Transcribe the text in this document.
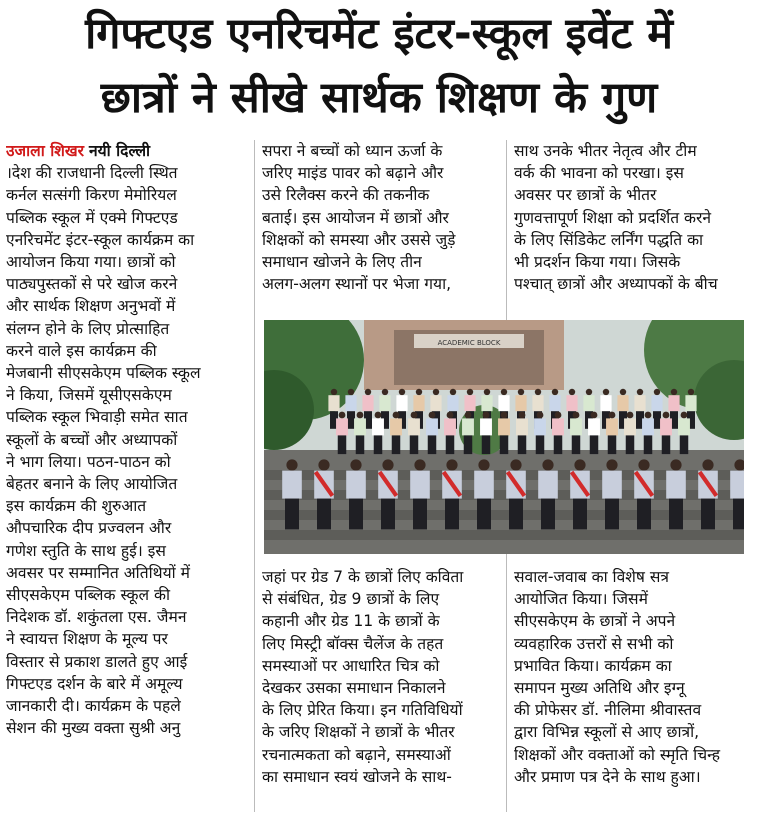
गिफ्टएड एनरिचमेंट इंटर-स्कूल इवेंट में
छात्रों ने सीखे सार्थक शिक्षण के गुण
उजाला शिखर नयी दिल्ली
।देश की राजधानी दिल्ली स्थित
कर्नल सत्संगी किरण मेमोरियल
पब्लिक स्कूल में एक्मे गिफ्टएड
एनरिचमेंट इंटर-स्कूल कार्यक्रम का
आयोजन किया गया। छात्रों को
पाठ्यपुस्तकों से परे खोज करने
और सार्थक शिक्षण अनुभवों में
संलग्न होने के लिए प्रोत्साहित
करने वाले इस कार्यक्रम की
मेजबानी सीएसकेएम पब्लिक स्कूल
ने किया, जिसमें यूसीएसकेएम
पब्लिक स्कूल भिवाड़ी समेत सात
स्कूलों के बच्चों और अध्यापकों
ने भाग लिया। पठन-पाठन को
बेहतर बनाने के लिए आयोजित
इस कार्यक्रम की शुरुआत
औपचारिक दीप प्रज्वलन और
गणेश स्तुति के साथ हुई। इस
अवसर पर सम्मानित अतिथियों में
सीएसकेएम पब्लिक स्कूल की
निदेशक डॉ. शकुंतला एस. जैमन
ने स्वायत्त शिक्षण के मूल्य पर
विस्तार से प्रकाश डालते हुए आई
गिफ्टएड दर्शन के बारे में अमूल्य
जानकारी दी। कार्यक्रम के पहले
सेशन की मुख्य वक्ता सुश्री अनु
सपरा ने बच्चों को ध्यान ऊर्जा के
जरिए माइंड पावर को बढ़ाने और
उसे रिलैक्स करने की तकनीक
बताई। इस आयोजन में छात्रों और
शिक्षकों को समस्या और उससे जुड़े
समाधान खोजने के लिए तीन
अलग-अलग स्थानों पर भेजा गया,
साथ उनके भीतर नेतृत्व और टीम
वर्क की भावना को परखा। इस
अवसर पर छात्रों के भीतर
गुणवत्तापूर्ण शिक्षा को प्रदर्शित करने
के लिए सिंडिकेट लर्निंग पद्धति का
भी प्रदर्शन किया गया। जिसके
पश्चात् छात्रों और अध्यापकों के बीच
ACADEMIC BLOCK
जहां पर ग्रेड 7 के छात्रों लिए कविता
से संबंधित, ग्रेड 9 छात्रों के लिए
कहानी और ग्रेड 11 के छात्रों के
लिए मिस्ट्री बॉक्स चैलेंज के तहत
समस्याओं पर आधारित चित्र को
देखकर उसका समाधान निकालने
के लिए प्रेरित किया। इन गतिविधियों
के जरिए शिक्षकों ने छात्रों के भीतर
रचनात्मकता को बढ़ाने, समस्याओं
का समाधान स्वयं खोजने के साथ-
सवाल-जवाब का विशेष सत्र
आयोजित किया। जिसमें
सीएसकेएम के छात्रों ने अपने
व्यवहारिक उत्तरों से सभी को
प्रभावित किया। कार्यक्रम का
समापन मुख्य अतिथि और इग्नू
की प्रोफेसर डॉ. नीलिमा श्रीवास्तव
द्वारा विभिन्न स्कूलों से आए छात्रों,
शिक्षकों और वक्ताओं को स्मृति चिन्ह
और प्रमाण पत्र देने के साथ हुआ।
